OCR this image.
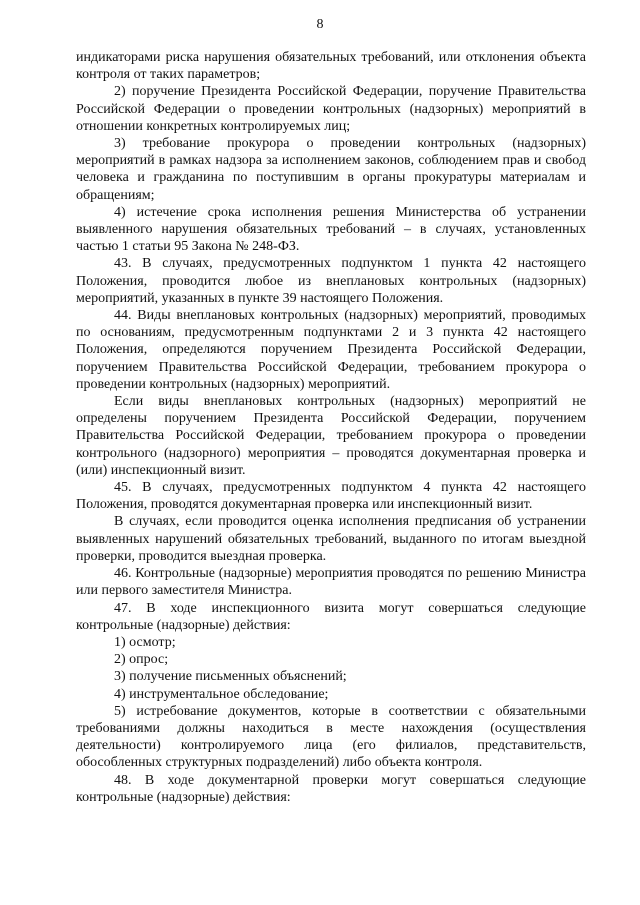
8

индикаторами риска нарушения обязательных требований, или отклонения объекта контроля от таких параметров;

2) поручение Президента Российской Федерации, поручение Правительства Российской Федерации о проведении контрольных (надзорных) мероприятий в отношении конкретных контролируемых лиц;

3) требование прокурора о проведении контрольных (надзорных) мероприятий в рамках надзора за исполнением законов, соблюдением прав и свобод человека и гражданина по поступившим в органы прокуратуры материалам и обращениям;

4) истечение срока исполнения решения Министерства об устранении выявленного нарушения обязательных требований – в случаях, установленных частью 1 статьи 95 Закона № 248-ФЗ.

43. В случаях, предусмотренных подпунктом 1 пункта 42 настоящего Положения, проводится любое из внеплановых контрольных (надзорных) мероприятий, указанных в пункте 39 настоящего Положения.

44. Виды внеплановых контрольных (надзорных) мероприятий, проводимых по основаниям, предусмотренным подпунктами 2 и 3 пункта 42 настоящего Положения, определяются поручением Президента Российской Федерации, поручением Правительства Российской Федерации, требованием прокурора о проведении контрольных (надзорных) мероприятий.

Если виды внеплановых контрольных (надзорных) мероприятий не определены поручением Президента Российской Федерации, поручением Правительства Российской Федерации, требованием прокурора о проведении контрольного (надзорного) мероприятия – проводятся документарная проверка и (или) инспекционный визит.

45. В случаях, предусмотренных подпунктом 4 пункта 42 настоящего Положения, проводятся документарная проверка или инспекционный визит.

В случаях, если проводится оценка исполнения предписания об устранении выявленных нарушений обязательных требований, выданного по итогам выездной проверки, проводится выездная проверка.

46. Контрольные (надзорные) мероприятия проводятся по решению Министра или первого заместителя Министра.

47. В ходе инспекционного визита могут совершаться следующие контрольные (надзорные) действия:

1) осмотр;

2) опрос;

3) получение письменных объяснений;

4) инструментальное обследование;

5) истребование документов, которые в соответствии с обязательными требованиями должны находиться в месте нахождения (осуществления деятельности) контролируемого лица (его филиалов, представительств, обособленных структурных подразделений) либо объекта контроля.

48. В ходе документарной проверки могут совершаться следующие контрольные (надзорные) действия:
